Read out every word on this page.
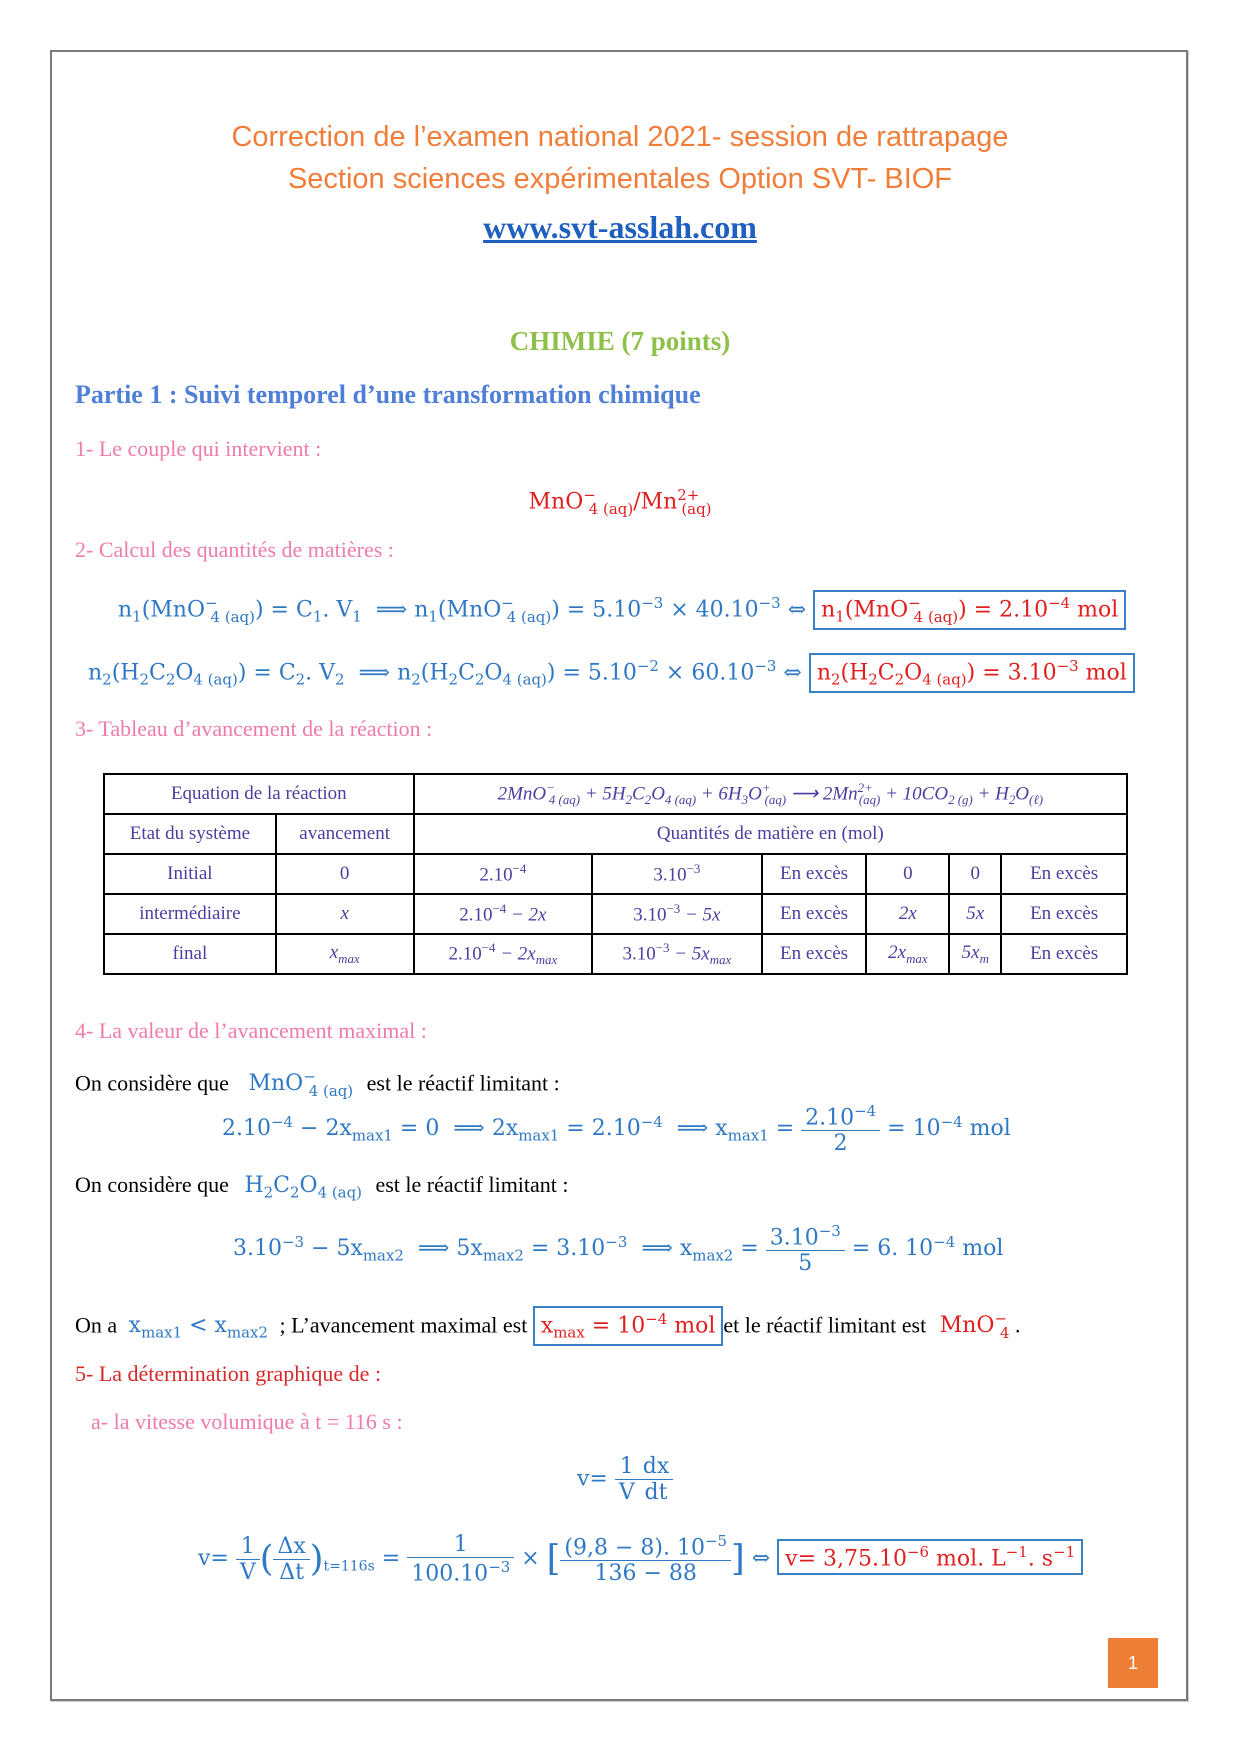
Correction de l’examen national 2021- session de rattrapage
Section sciences expérimentales Option SVT- BIOF
www.svt-asslah.com
CHIMIE (7 points)
Partie 1 : Suivi temporel d’une transformation chimique
1- Le couple qui intervient :
$MnO^-_{4 (aq)}/Mn^{2+}_{(aq)}$
2- Calcul des quantités de matières :
$n_1(MnO^-_{4 (aq)}) = C_1$. $V_1$  ⟹ $n_1(MnO^-_{4 (aq)}) = 5.10^{-3} \times 40.10^{-3}$ ⇔ $n_1(MnO^-_{4 (aq)}) = 2.10^{-4}$ mol
$n_2(H_2C_2O_{4 (aq)}) = C_2$. $V_2$  ⟹ $n_2(H_2C_2O_{4 (aq)}) = 5.10^{-2} \times 60.10^{-3}$ ⇔ $n_2(H_2C_2O_{4 (aq)}) = 3.10^{-3}$ mol
3- Tableau d’avancement de la réaction :
Equation de la réaction		$2MnO^-_{4 (aq)} + 5H_2C_2O_{4 (aq)} + 6H_3O^+_{(aq)}$ ⟶ $2Mn^{2+}_{(aq)} + 10CO_{2 (g)} + H_2O_{(\ell)}$
Etat du système	avancement	Quantités de matière en (mol)					
Initial	0	$2.10^{-4}$	$3.10^{-3}$	En excès	0	0	En excès
intermédiaire	x	$2.10^{-4} - 2x$	$3.10^{-3} - 5x$	En excès	2x	5x	En excès
final	$x_{max}$	$2.10^{-4} - 2x_{max}$	$3.10^{-3} - 5x_{max}$	En excès	$2x_{max}$	$5x_m$	En excès
4- La valeur de l’avancement maximal :
On considère que MnO−$_{4 (aq)}$ est le réactif limitant :
$2.10^{-4} - 2x_{max1} = 0$  ⟹ $2x_{max1} = 2.10^{-4}$  ⟹ $x_{max1} = \frac{2.10^{-4}}{2} = 10^{-4}$ mol
On considère que $H_2C_2O_{4 (aq)}$ est le réactif limitant :
$3.10^{-3} - 5x_{max2}$  ⟹ $5x_{max2} = 3.10^{-3}$  ⟹ $x_{max2} = \frac{3.10^{-3}}{5} = 6$. $10^{-4}$ mol
On a $x_{max1} < x_{max2}$ ; L’avancement maximal est $x_{max} = 10^{-4}$ mol et le réactif limitant est MnO−$_4$ .
5- La détermination graphique de :
a- la vitesse volumique à t = 116 s :
$v= \frac{1}{V} \frac{dx}{dt}$
$v= \frac{1}{V}$ ( $\frac{\Delta x}{\Delta t} )_{t=116s} = \frac{1}{100.10^{-3}}$ × [ $\frac{(9,8 - 8). 10^{-5}}{136 - 88}$ ] ⇔ $v= 3,75.10^{-6}$ mol. $L^{-1}$. $s^{-1}$
1
